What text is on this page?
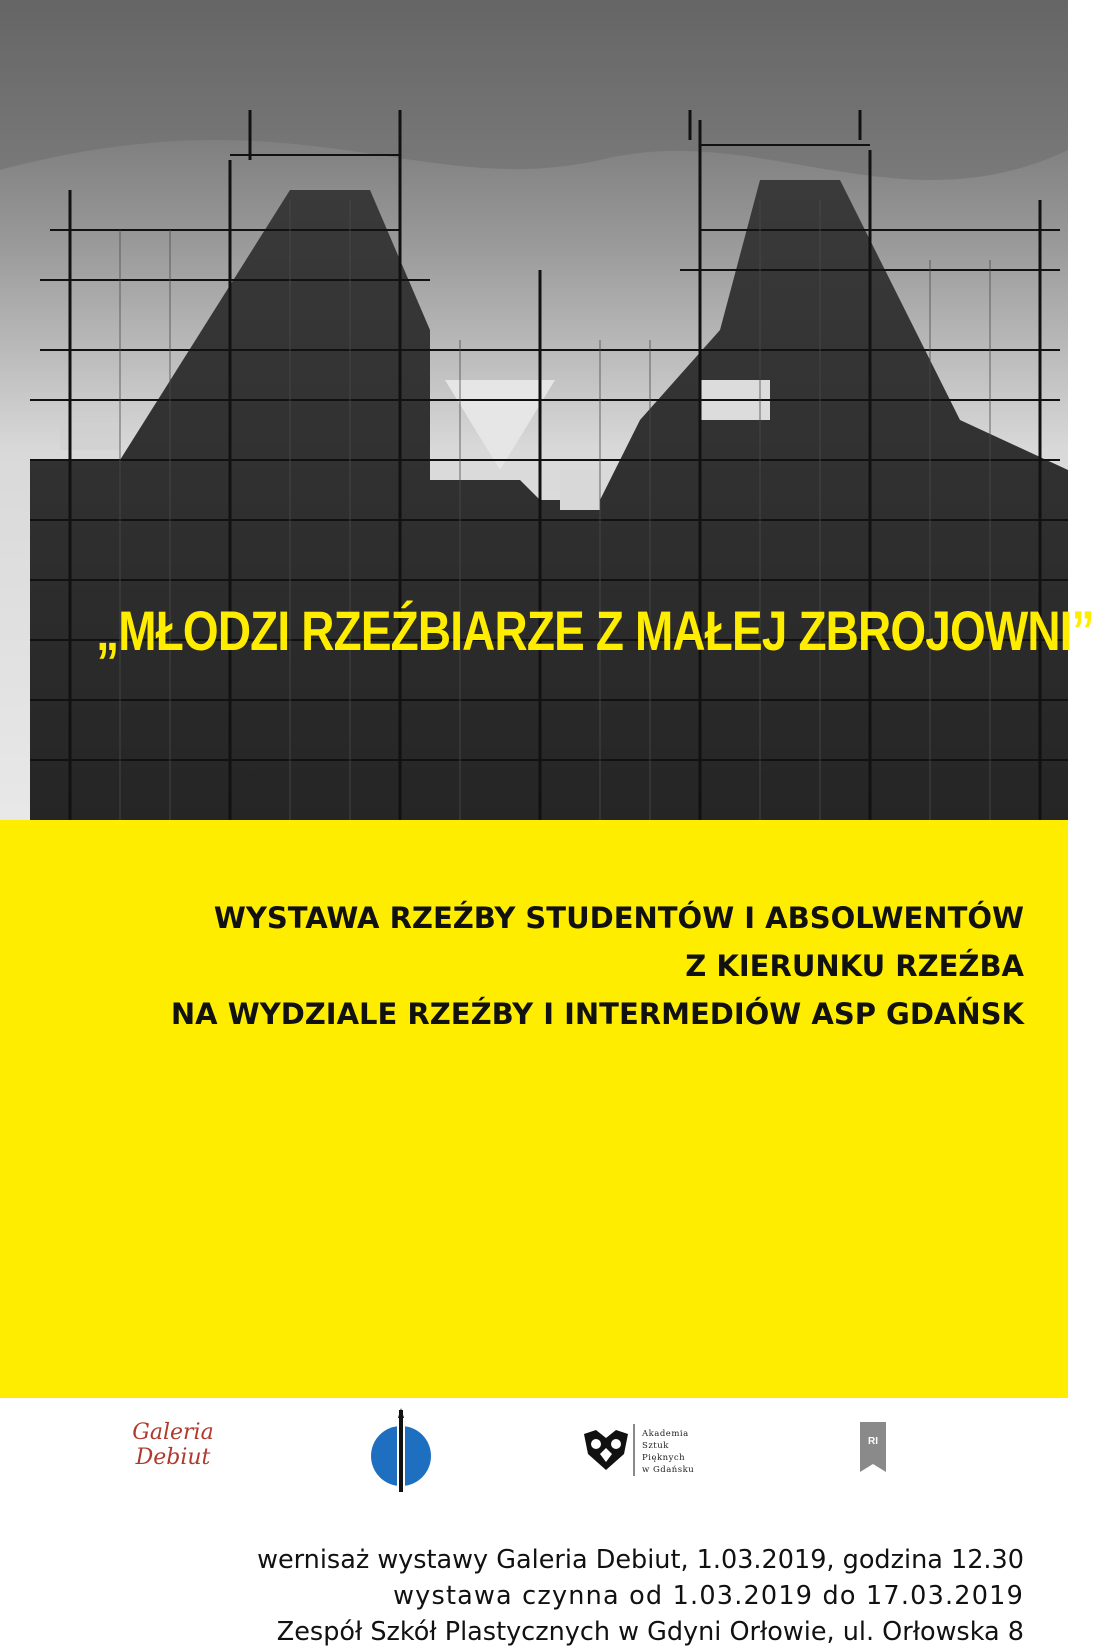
„MŁODZI RZEŹBIARZE Z MAŁEJ ZBROJOWNI”
WYSTAWA RZEŹBY STUDENTÓW I ABSOLWENTÓW
Z KIERUNKU RZEŹBA
NA WYDZIALE RZEŹBY I INTERMEDIÓW ASP GDAŃSK
wernisaż wystawy Galeria Debiut, 1.03.2019, godzina 12.30
wystawa czynna od 1.03.2019 do 17.03.2019
Zespół Szkół Plastycznych w Gdyni Orłowie, ul. Orłowska 8
Galeria
Debiut
Akademia
Sztuk
Pięknych
w Gdańsku
RI
